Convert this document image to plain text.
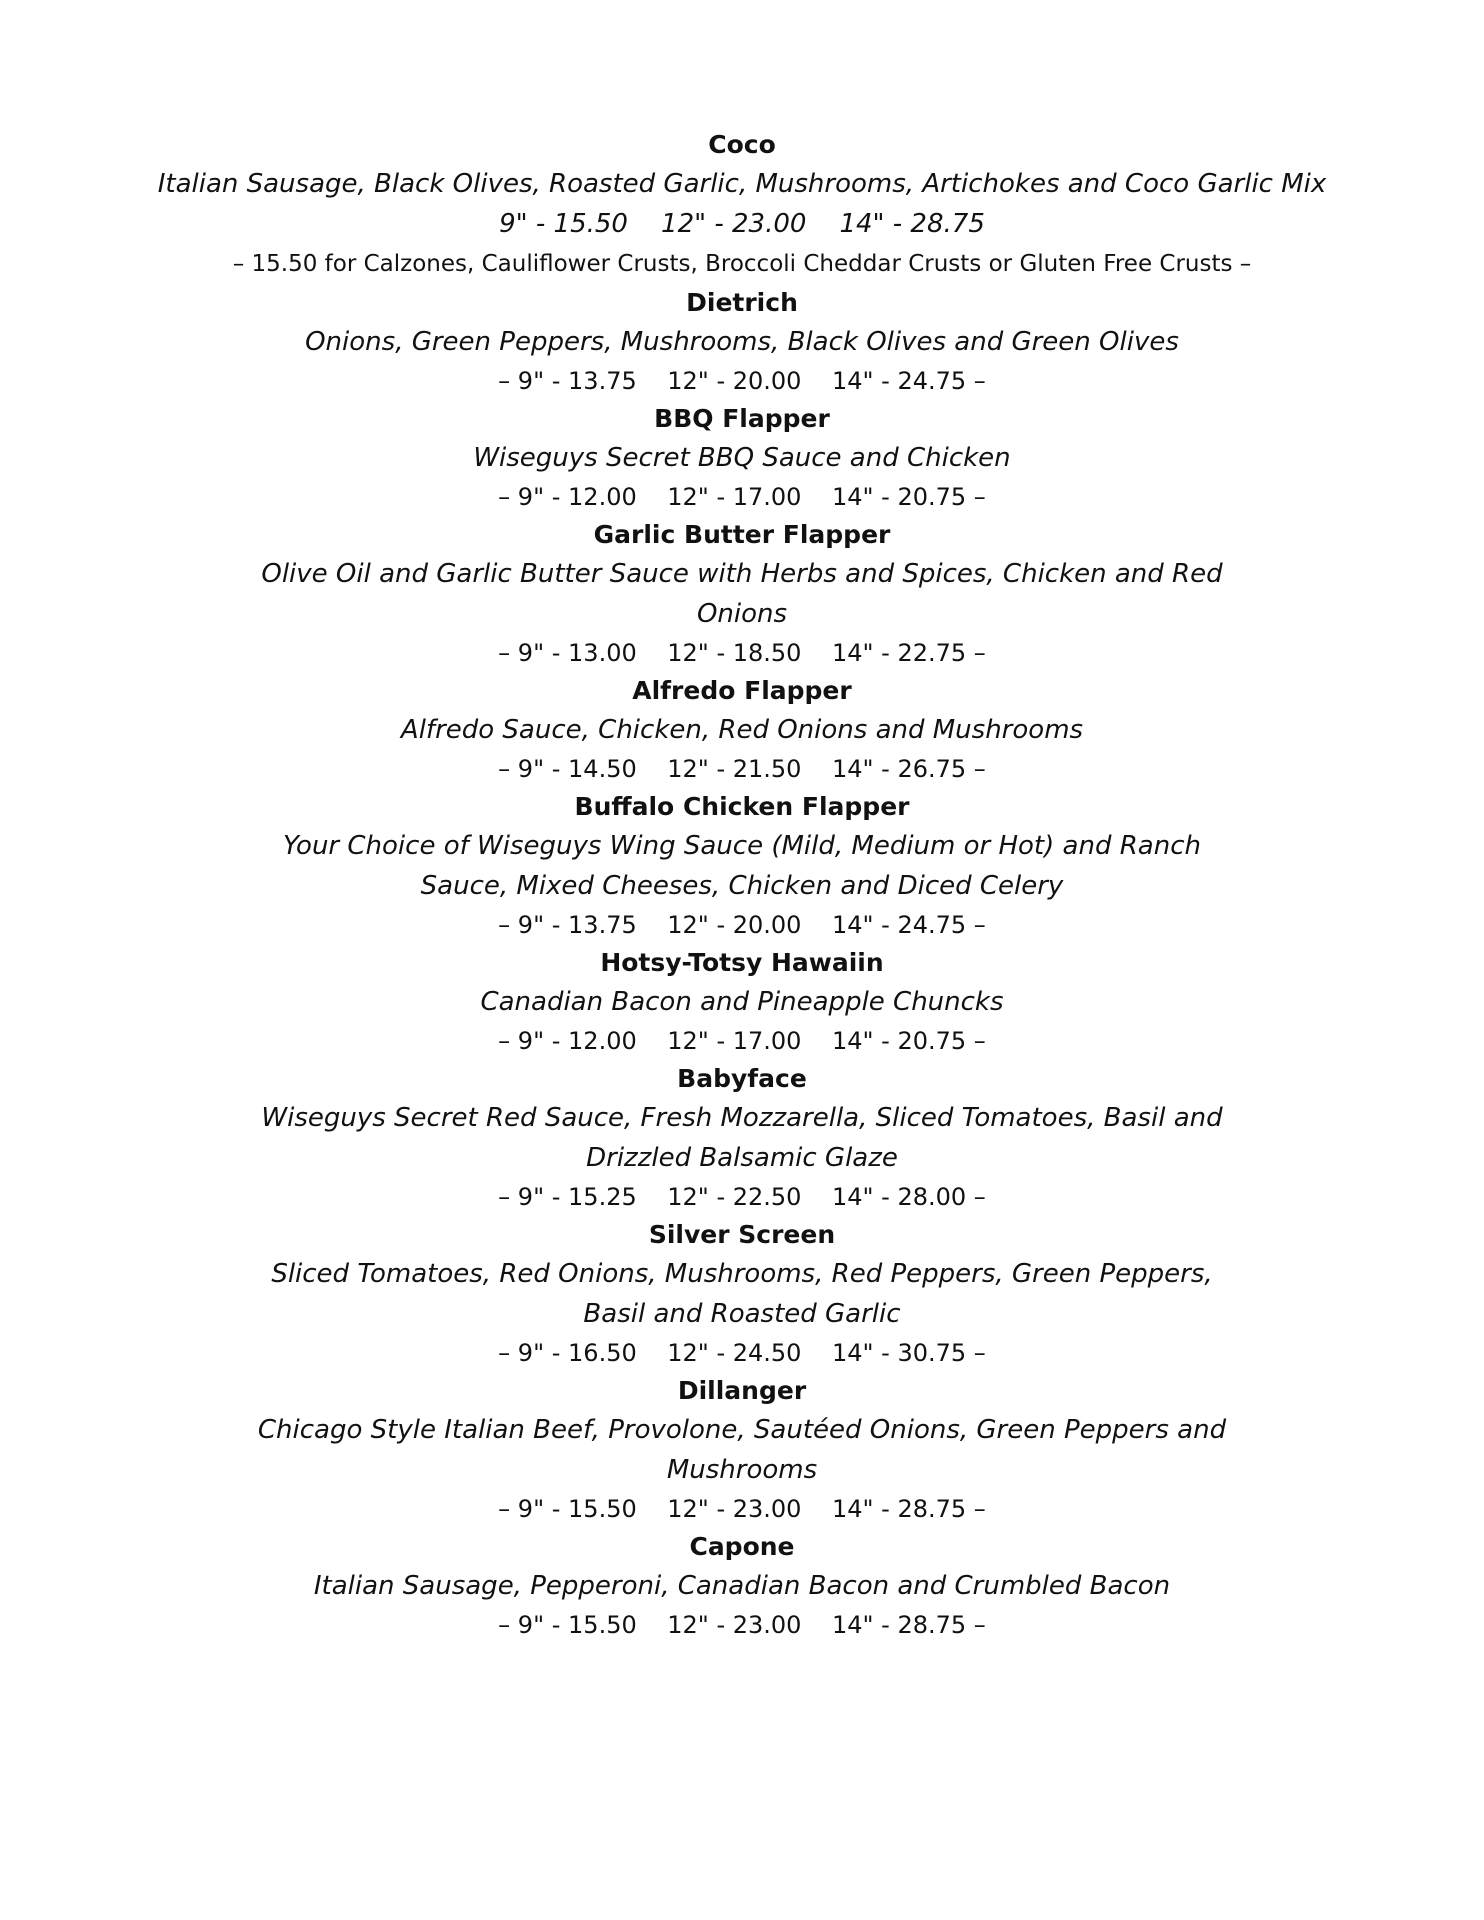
Coco
Italian Sausage, Black Olives, Roasted Garlic, Mushrooms, Artichokes and Coco Garlic Mix
9" - 15.50    12" - 23.00    14" - 28.75
– 15.50 for Calzones, Cauliflower Crusts, Broccoli Cheddar Crusts or Gluten Free Crusts –
Dietrich
Onions, Green Peppers, Mushrooms, Black Olives and Green Olives
– 9" - 13.75    12" - 20.00    14" - 24.75 –
BBQ Flapper
Wiseguys Secret BBQ Sauce and Chicken
– 9" - 12.00    12" - 17.00    14" - 20.75 –
Garlic Butter Flapper
Olive Oil and Garlic Butter Sauce with Herbs and Spices, Chicken and Red Onions
– 9" - 13.00    12" - 18.50    14" - 22.75 –
Alfredo Flapper
Alfredo Sauce, Chicken, Red Onions and Mushrooms
– 9" - 14.50    12" - 21.50    14" - 26.75 –
Buffalo Chicken Flapper
Your Choice of Wiseguys Wing Sauce (Mild, Medium or Hot) and Ranch Sauce, Mixed Cheeses, Chicken and Diced Celery
– 9" - 13.75    12" - 20.00    14" - 24.75 –
Hotsy-Totsy Hawaiin
Canadian Bacon and Pineapple Chuncks
– 9" - 12.00    12" - 17.00    14" - 20.75 –
Babyface
Wiseguys Secret Red Sauce, Fresh Mozzarella, Sliced Tomatoes, Basil and Drizzled Balsamic Glaze
– 9" - 15.25    12" - 22.50    14" - 28.00 –
Silver Screen
Sliced Tomatoes, Red Onions, Mushrooms, Red Peppers, Green Peppers, Basil and Roasted Garlic
– 9" - 16.50    12" - 24.50    14" - 30.75 –
Dillanger
Chicago Style Italian Beef, Provolone, Sautéed Onions, Green Peppers and Mushrooms
– 9" - 15.50    12" - 23.00    14" - 28.75 –
Capone
Italian Sausage, Pepperoni, Canadian Bacon and Crumbled Bacon
– 9" - 15.50    12" - 23.00    14" - 28.75 –
